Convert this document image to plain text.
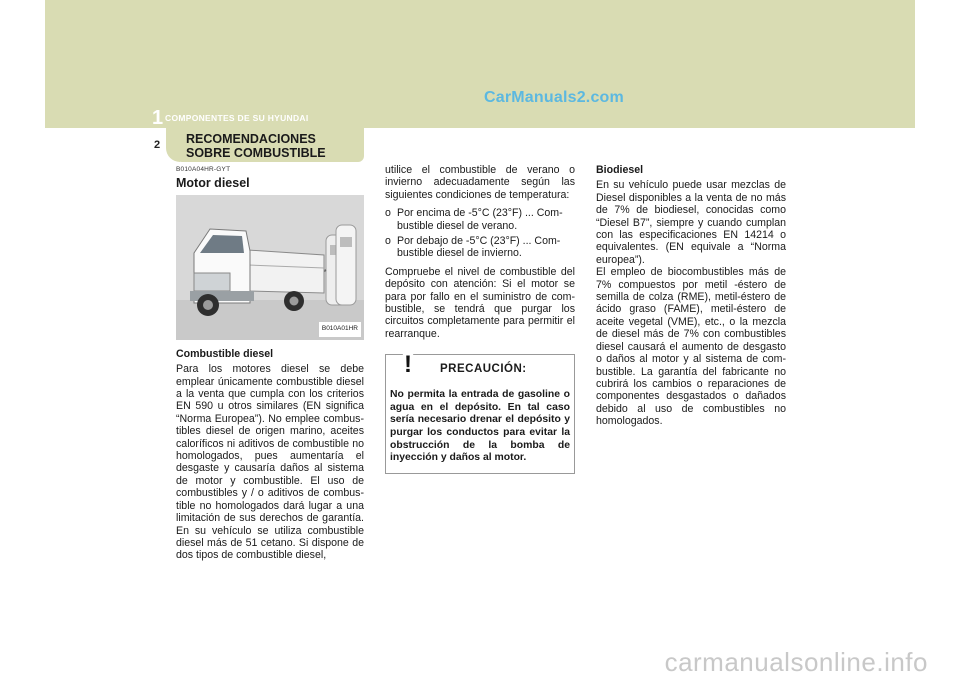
CarManuals2.com
1 COMPONENTES DE SU HYUNDAI
2 RECOMENDACIONES
SOBRE COMBUSTIBLE
B010A04HR-GYT
Motor diesel
B010A01HR
Combustible diesel

Para los motores diesel se debe emplear únicamente combustible diesel a la venta que cumpla con los criterios EN 590 u otros similares (EN significa “Norma Europea”). No emplee combus-tibles diesel de origen marino, aceites caloríficos ni aditivos de combustible no homologados, pues aumentaría el desgaste y causaría daños al sistema de motor y combustible. El uso de combustibles y / o aditivos de combus-tible no homologados dará lugar a una limitación de sus derechos de garantía. En su vehículo se utiliza combustible diesel más de 51 cetano. Si dispone de dos tipos de combustible diesel,

utilice el combustible de verano o invierno adecuadamente según las siguientes condiciones de temperatura:

o Por encima de -5°C (23°F) ... Com-bustible diesel de verano.
o Por debajo de -5°C (23°F) ... Com-bustible diesel de invierno.

Compruebe el nivel de combustible del depósito con atención: Si el motor se para por fallo en el suministro de com-bustible, se tendrá que purgar los circuitos completamente para permitir el rearranque.

! PRECAUCIÓN:
No permita la entrada de gasoline o agua en el depósito. En tal caso sería necesario drenar el depósito y purgar los conductos para evitar la obstrucción de la bomba de inyección y daños al motor.
Biodiesel

En su vehículo puede usar mezclas de Diesel disponibles a la venta de no más de 7% de biodiesel, conocidas como “Diesel B7”, siempre y cuando cumplan con las especificaciones EN 14214 o equivalentes. (EN equivale a “Norma europea”).

El empleo de biocombustibles más de 7% compuestos por metil -éstero de semilla de colza (RME), metil-éstero de ácido graso (FAME), metil-éstero de aceite vegetal (VME), etc., o la mezcla de diesel más de 7% con combustibles diesel causará el aumento de desgasto o daños al motor y al sistema de com-bustible. La garantía del fabricante no cubrirá los cambios o reparaciones de componentes desgastados o dañados debido al uso de combustibles no homologados.

carmanualsonline.info
